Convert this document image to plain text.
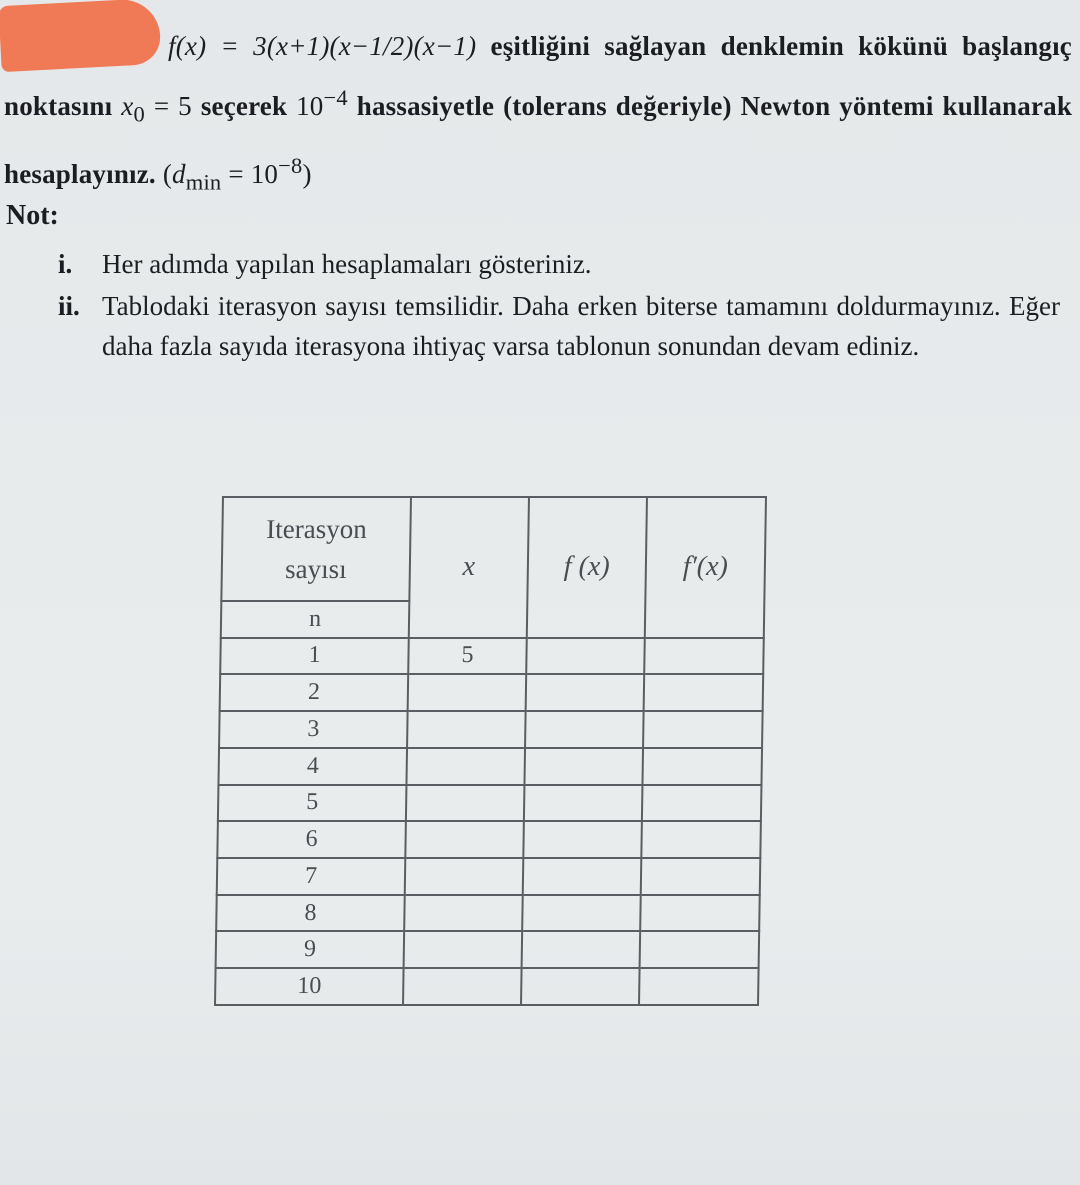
f(x) = 3(x+1)(x−1/2)(x−1) eşitliğini sağlayan denklemin kökünü başlangıç noktasını $x_0 = 5$ seçerek $10^{-4}$ hassasiyetle (tolerans değeriyle) Newton yöntemi kullanarak hesaplayınız. $(d_{min} = 10^{-8})$
Not:
i. Her adımda yapılan hesaplamaları gösteriniz.
ii. Tablodaki iterasyon sayısı temsilidir. Daha erken biterse tamamını doldurmayınız. Eğer daha fazla sayıda iterasyona ihtiyaç varsa tablonun sonundan devam ediniz.
Iterasyon
sayısı	x	f (x)	f′(x)
n			
1	5		
2			
3			
4			
5			
6			
7			
8			
9			
10			
